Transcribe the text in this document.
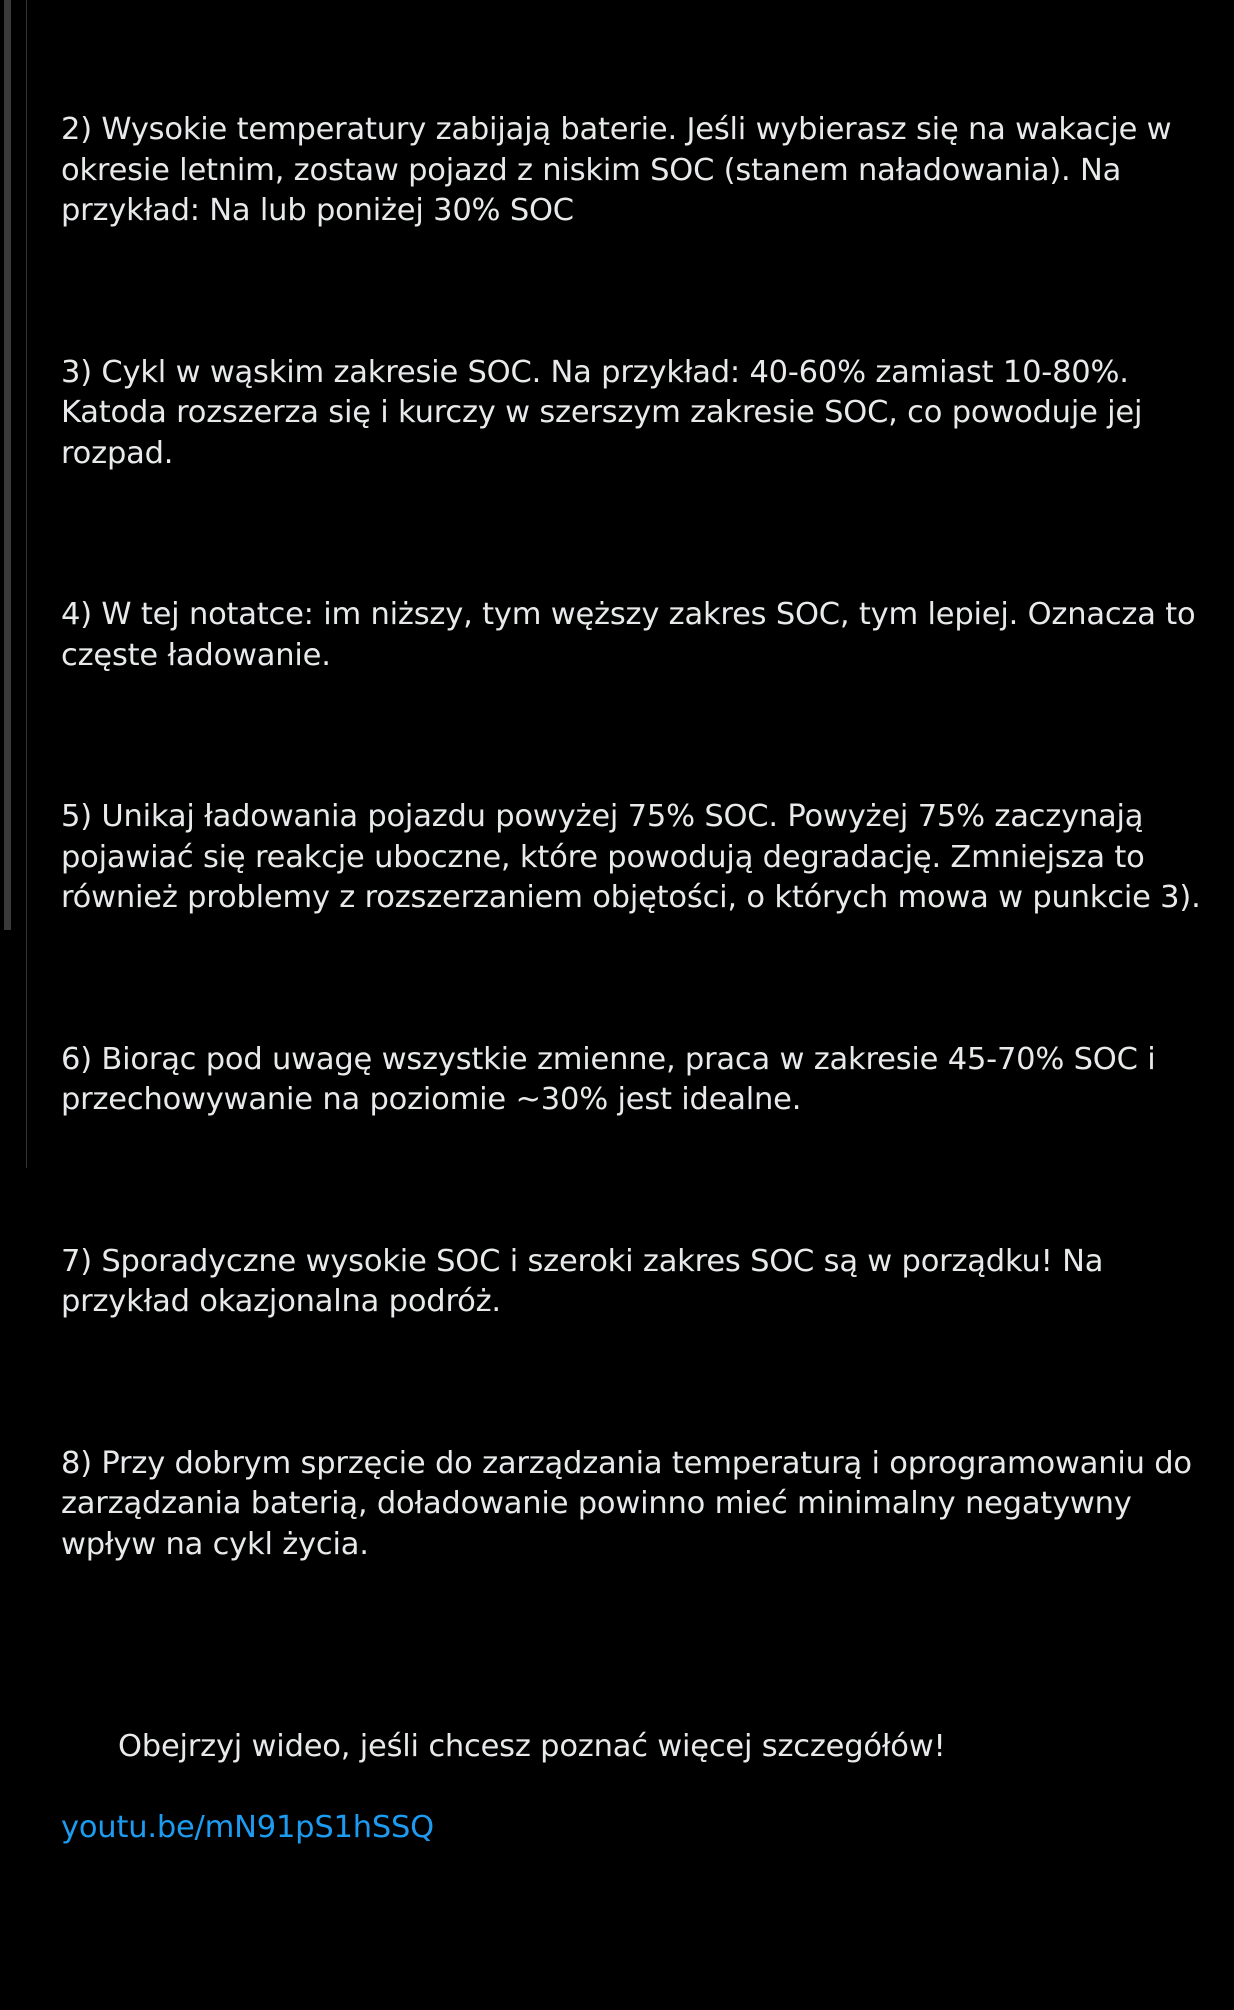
2) Wysokie temperatury zabijają baterie. Jeśli wybierasz się na wakacje w okresie letnim, zostaw pojazd z niskim SOC (stanem naładowania). Na przykład: Na lub poniżej 30% SOC

3) Cykl w wąskim zakresie SOC. Na przykład: 40-60% zamiast 10-80%. Katoda rozszerza się i kurczy w szerszym zakresie SOC, co powoduje jej rozpad.

4) W tej notatce: im niższy, tym węższy zakres SOC, tym lepiej. Oznacza to częste ładowanie.

5) Unikaj ładowania pojazdu powyżej 75% SOC. Powyżej 75% zaczynają pojawiać się reakcje uboczne, które powodują degradację. Zmniejsza to również problemy z rozszerzaniem objętości, o których mowa w punkcie 3).

6) Biorąc pod uwagę wszystkie zmienne, praca w zakresie 45-70% SOC i przechowywanie na poziomie ~30% jest idealne.

7) Sporadyczne wysokie SOC i szeroki zakres SOC są w porządku! Na przykład okazjonalna podróż.

8) Przy dobrym sprzęcie do zarządzania temperaturą i oprogramowaniu do zarządzania baterią, doładowanie powinno mieć minimalny negatywny wpływ na cykl życia.

Obejrzyj wideo, jeśli chcesz poznać więcej szczegółów!

youtu.be/mN91pS1hSSQ
